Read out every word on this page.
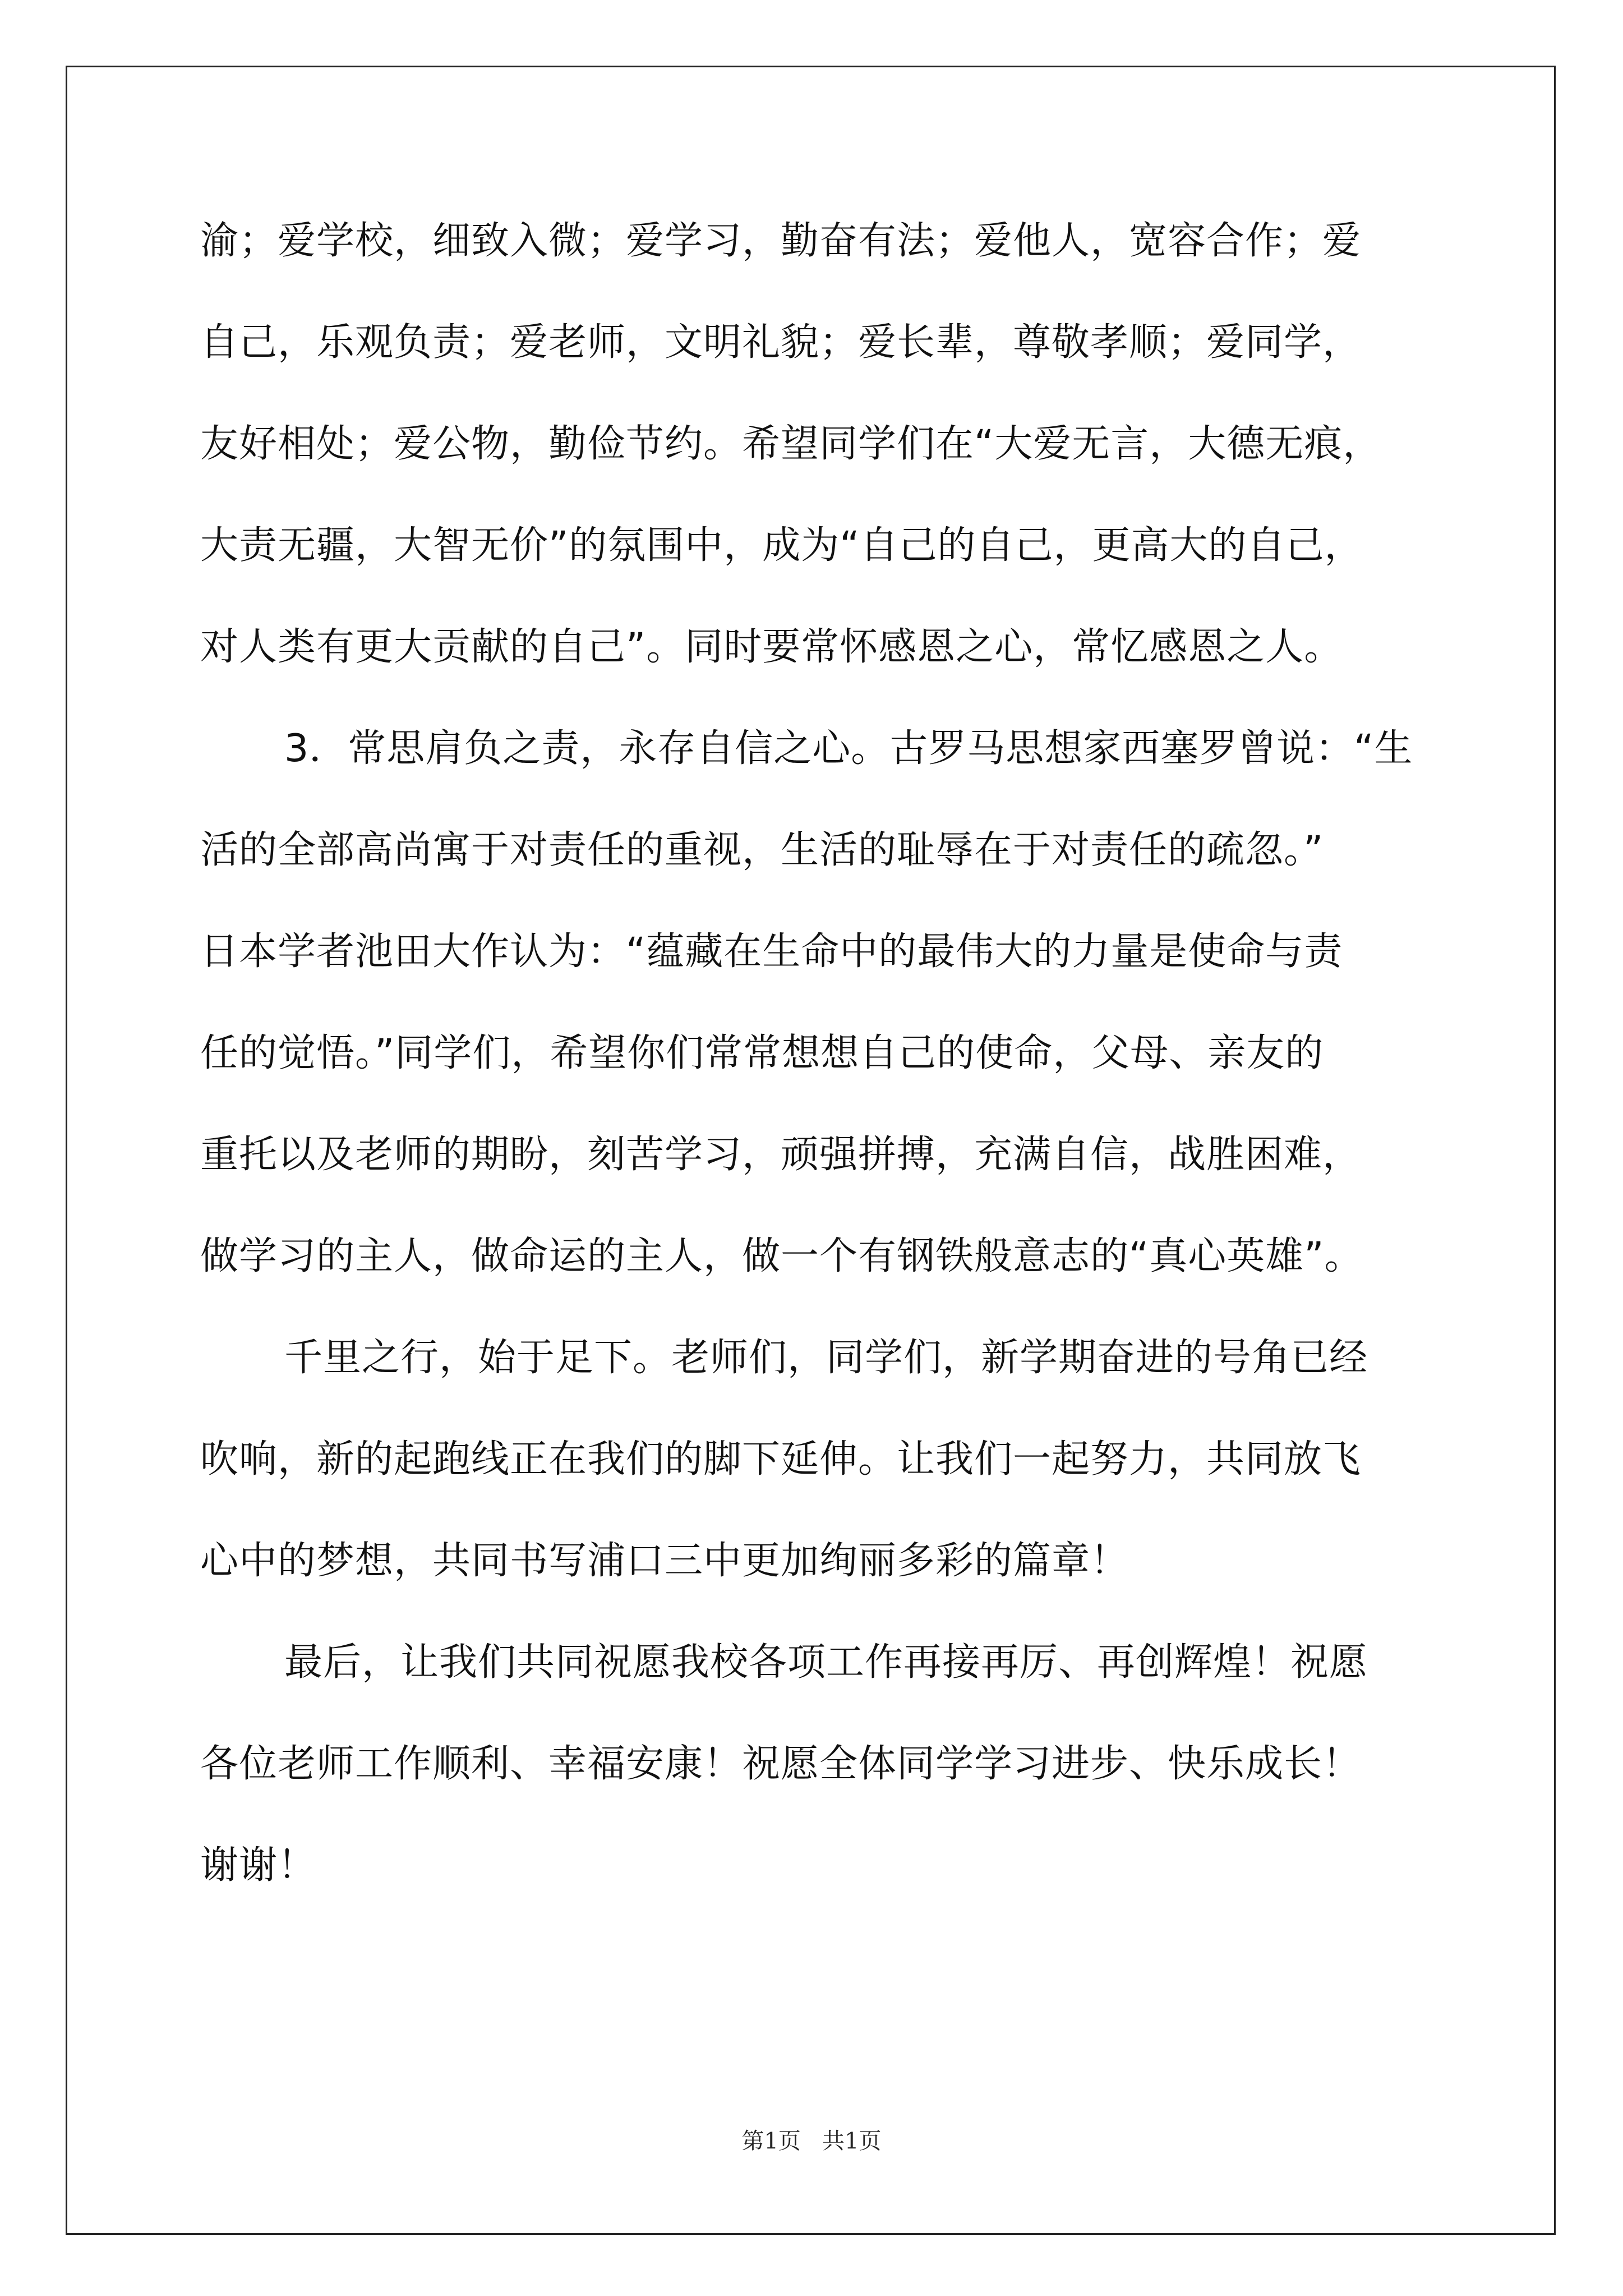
渝；爱学校，细致入微；爱学习，勤奋有法；爱他人，宽容合作；爱
自己，乐观负责；爱老师，文明礼貌；爱长辈，尊敬孝顺；爱同学，
友好相处；爱公物，勤俭节约。希望同学们在“大爱无言，大德无痕，
大责无疆，大智无价”的氛围中，成为“自己的自己，更高大的自己，
对人类有更大贡献的自己”。同时要常怀感恩之心，常忆感恩之人。
3．常思肩负之责，永存自信之心。古罗马思想家西塞罗曾说：“生
活的全部高尚寓于对责任的重视，生活的耻辱在于对责任的疏忽。”
日本学者池田大作认为：“蕴藏在生命中的最伟大的力量是使命与责
任的觉悟。”同学们，希望你们常常想想自己的使命，父母、亲友的
重托以及老师的期盼，刻苦学习，顽强拼搏，充满自信，战胜困难，
做学习的主人，做命运的主人，做一个有钢铁般意志的“真心英雄”。
千里之行，始于足下。老师们，同学们，新学期奋进的号角已经
吹响，新的起跑线正在我们的脚下延伸。让我们一起努力，共同放飞
心中的梦想，共同书写浦口三中更加绚丽多彩的篇章！
最后，让我们共同祝愿我校各项工作再接再厉、再创辉煌！祝愿
各位老师工作顺利、幸福安康！祝愿全体同学学习进步、快乐成长！
谢谢！
第1页   共1页
